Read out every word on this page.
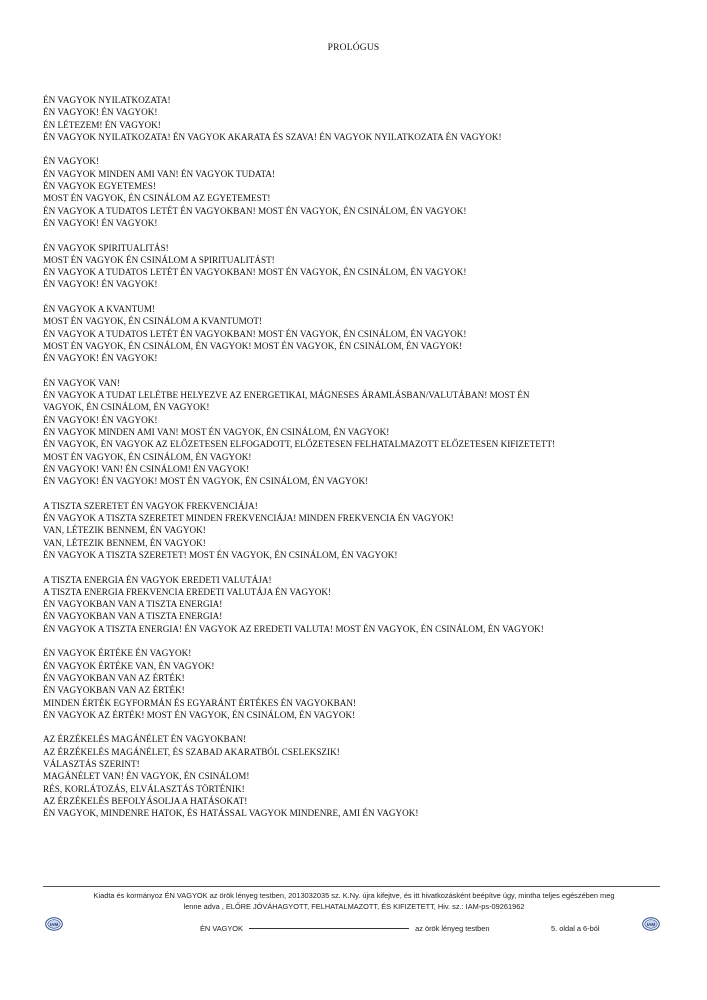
PROLÓGUS
ÉN VAGYOK NYILATKOZATA!
ÉN VAGYOK! ÉN VAGYOK!
ÉN LÉTEZEM! ÉN VAGYOK!
ÉN VAGYOK NYILATKOZATA! ÉN VAGYOK AKARATA ÉS SZAVA! ÉN VAGYOK NYILATKOZATA ÉN VAGYOK!
ÉN VAGYOK!
ÉN VAGYOK MINDEN AMI VAN! ÉN VAGYOK TUDATA!
ÉN VAGYOK EGYETEMES!
MOST ÉN VAGYOK, ÉN CSINÁLOM AZ EGYETEMEST!
ÉN VAGYOK A TUDATOS LETÉT ÉN VAGYOKBAN! MOST ÉN VAGYOK, ÉN CSINÁLOM, ÉN VAGYOK!
ÉN VAGYOK! ÉN VAGYOK!
ÉN VAGYOK SPIRITUALITÁS!
MOST ÉN VAGYOK ÉN CSINÁLOM A SPIRITUALITÁST!
ÉN VAGYOK A TUDATOS LETÉT ÉN VAGYOKBAN! MOST ÉN VAGYOK, ÉN CSINÁLOM, ÉN VAGYOK!
ÉN VAGYOK! ÉN VAGYOK!
ÉN VAGYOK A KVANTUM!
MOST ÉN VAGYOK, ÉN CSINÁLOM A KVANTUMOT!
ÉN VAGYOK A TUDATOS LETÉT ÉN VAGYOKBAN! MOST ÉN VAGYOK, ÉN CSINÁLOM, ÉN VAGYOK!
MOST ÉN VAGYOK, ÉN CSINÁLOM, ÉN VAGYOK! MOST ÉN VAGYOK, ÉN CSINÁLOM, ÉN VAGYOK!
ÉN VAGYOK! ÉN VAGYOK!
ÉN VAGYOK VAN!
ÉN VAGYOK A TUDAT LELÉTBE HELYEZVE AZ ENERGETIKAI, MÁGNESES ÁRAMLÁSBAN/VALUTÁBAN! MOST ÉN
VAGYOK, ÉN CSINÁLOM, ÉN VAGYOK!
ÉN VAGYOK! ÉN VAGYOK!
ÉN VAGYOK MINDEN AMI VAN! MOST ÉN VAGYOK, ÉN CSINÁLOM, ÉN VAGYOK!
ÉN VAGYOK, ÉN VAGYOK AZ ELŐZETESEN ELFOGADOTT, ELŐZETESEN FELHATALMAZOTT ELŐZETESEN KIFIZETETT!
MOST ÉN VAGYOK, ÉN CSINÁLOM, ÉN VAGYOK!
ÉN VAGYOK! VAN! ÉN CSINÁLOM! ÉN VAGYOK!
ÉN VAGYOK! ÉN VAGYOK! MOST ÉN VAGYOK, ÉN CSINÁLOM, ÉN VAGYOK!
A TISZTA SZERETET ÉN VAGYOK FREKVENCIÁJA!
ÉN VAGYOK A TISZTA SZERETET MINDEN FREKVENCIÁJA! MINDEN FREKVENCIA ÉN VAGYOK!
VAN, LÉTEZIK BENNEM, ÉN VAGYOK!
VAN, LÉTEZIK BENNEM, ÉN VAGYOK!
ÉN VAGYOK A TISZTA SZERETET! MOST ÉN VAGYOK, ÉN CSINÁLOM, ÉN VAGYOK!
A TISZTA ENERGIA ÉN VAGYOK EREDETI VALUTÁJA!
A TISZTA ENERGIA FREKVENCIA EREDETI VALUTÁJA ÉN VAGYOK!
ÉN VAGYOKBAN VAN A TISZTA ENERGIA!
ÉN VAGYOKBAN VAN A TISZTA ENERGIA!
ÉN VAGYOK A TISZTA ENERGIA! ÉN VAGYOK AZ EREDETI VALUTA! MOST ÉN VAGYOK, ÉN CSINÁLOM, ÉN VAGYOK!
ÉN VAGYOK ÉRTÉKE ÉN VAGYOK!
ÉN VAGYOK ÉRTÉKE VAN, ÉN VAGYOK!
ÉN VAGYOKBAN VAN AZ ÉRTÉK!
ÉN VAGYOKBAN VAN AZ ÉRTÉK!
MINDEN ÉRTÉK EGYFORMÁN ÉS EGYARÁNT ÉRTÉKES ÉN VAGYOKBAN!
ÉN VAGYOK AZ ÉRTÉK! MOST ÉN VAGYOK, ÉN CSINÁLOM, ÉN VAGYOK!
AZ ÉRZÉKELÉS MAGÁNÉLET ÉN VAGYOKBAN!
AZ ÉRZÉKELÉS MAGÁNÉLET, ÉS SZABAD AKARATBÓL CSELEKSZIK!
VÁLASZTÁS SZERINT!
MAGÁNÉLET VAN! ÉN VAGYOK, ÉN CSINÁLOM!
RÉS, KORLÁTOZÁS, ELVÁLASZTÁS TÖRTÉNIK!
AZ ÉRZÉKELÉS BEFOLYÁSOLJA A HATÁSOKAT!
ÉN VAGYOK, MINDENRE HATOK, ÉS HATÁSSAL VAGYOK MINDENRE, AMI ÉN VAGYOK!
Kiadta és kormányoz ÉN VAGYOK az örök lényeg testben, 2013032035 sz. K.Ny. újra kifejtve, és itt hivatkozásként beépítve úgy, mintha teljes egészében meg
lenne adva , ELŐRE JÓVÁHAGYOTT, FELHATALMAZOTT, ÉS KIFIZETETT, Hiv. sz.: IAM-ps-09261962
IAM	IAM
ÉN VAGYOK	az örök lényeg testben	5. oldal a 6-ból
